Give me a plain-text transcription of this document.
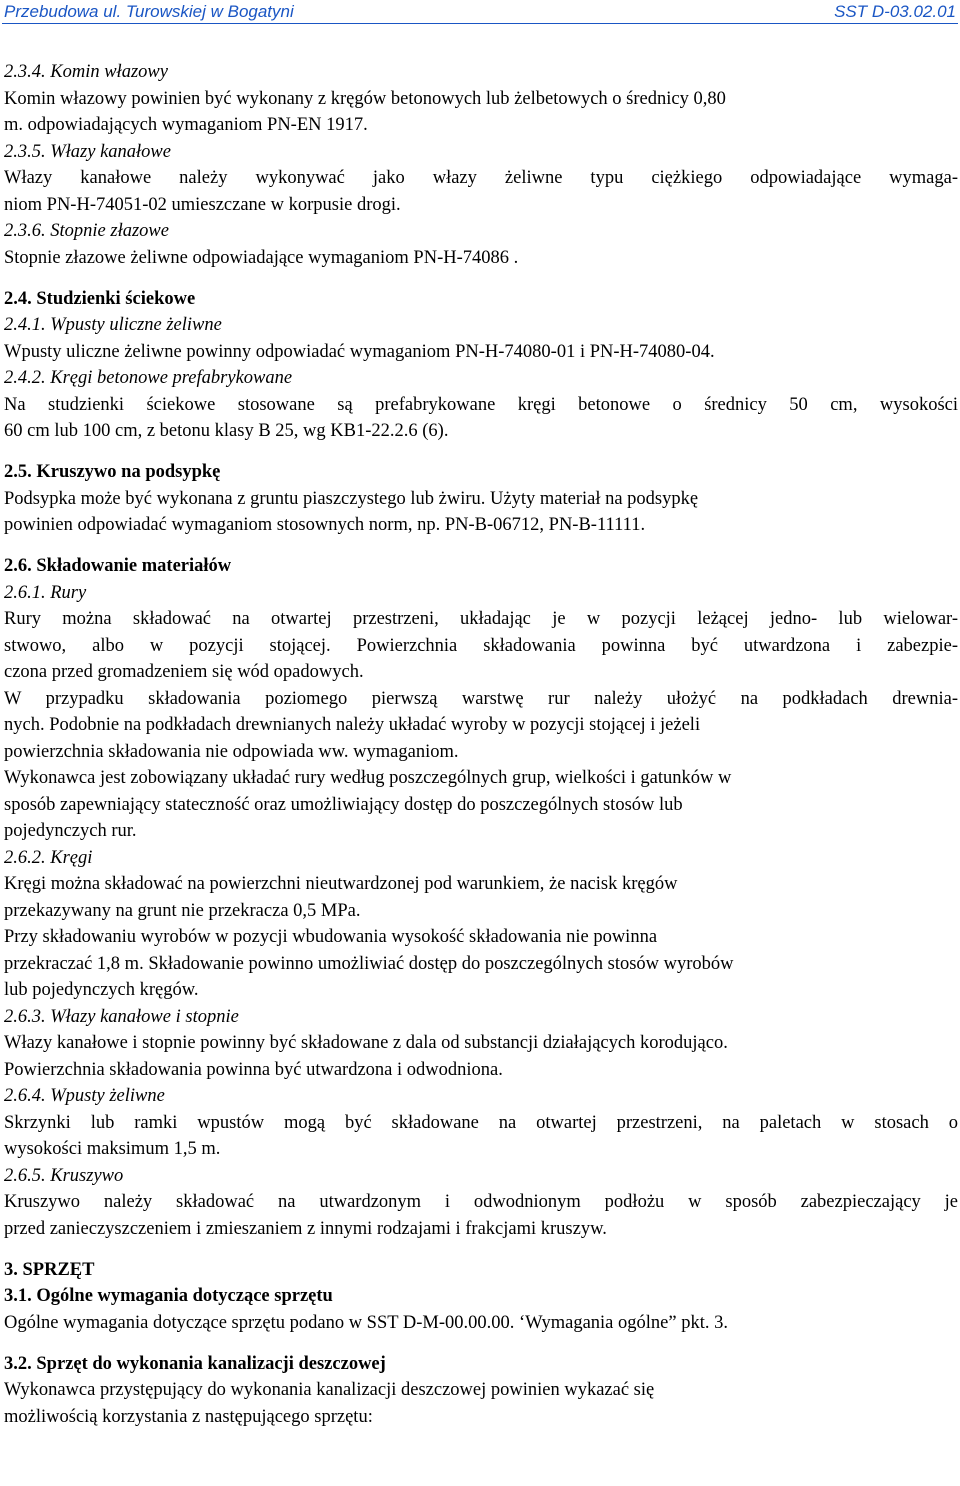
Przebudowa ul. Turowskiej w Bogatyni	SST D-03.02.01
2.3.4. Komin włazowy
Komin włazowy powinien być wykonany z kręgów betonowych lub żelbetowych o średnicy 0,80
m. odpowiadających wymaganiom PN-EN 1917.
2.3.5. Włazy kanałowe
Włazy kanałowe należy wykonywać jako włazy żeliwne typu ciężkiego odpowiadające wymaga-
niom PN-H-74051-02 umieszczane w korpusie drogi.
2.3.6. Stopnie złazowe
Stopnie złazowe żeliwne odpowiadające wymaganiom PN-H-74086 .
2.4. Studzienki ściekowe
2.4.1. Wpusty uliczne żeliwne
Wpusty uliczne żeliwne powinny odpowiadać wymaganiom PN-H-74080-01 i PN-H-74080-04.
2.4.2. Kręgi betonowe prefabrykowane
Na studzienki ściekowe stosowane są prefabrykowane kręgi betonowe o średnicy 50 cm, wysokości
60 cm lub 100 cm, z betonu klasy B 25, wg KB1-22.2.6 (6).
2.5. Kruszywo na podsypkę
Podsypka może być wykonana z gruntu piaszczystego lub żwiru. Użyty materiał na podsypkę
powinien odpowiadać wymaganiom stosownych norm, np. PN-B-06712, PN-B-11111.
2.6. Składowanie materiałów
2.6.1. Rury
Rury można składować na otwartej przestrzeni, układając je w pozycji leżącej jedno- lub wielowar-
stwowo, albo w pozycji stojącej. Powierzchnia składowania powinna być utwardzona i zabezpie-
czona przed gromadzeniem się wód opadowych.
W przypadku składowania poziomego pierwszą warstwę rur należy ułożyć na podkładach drewnia-
nych. Podobnie na podkładach drewnianych należy układać wyroby w pozycji stojącej i jeżeli
powierzchnia składowania nie odpowiada ww. wymaganiom.
Wykonawca jest zobowiązany układać rury według poszczególnych grup, wielkości i gatunków w
sposób zapewniający stateczność oraz umożliwiający dostęp do poszczególnych stosów lub
pojedynczych rur.
2.6.2. Kręgi
Kręgi można składować na powierzchni nieutwardzonej pod warunkiem, że nacisk kręgów
przekazywany na grunt nie przekracza 0,5 MPa.
Przy składowaniu wyrobów w pozycji wbudowania wysokość składowania nie powinna
przekraczać 1,8 m. Składowanie powinno umożliwiać dostęp do poszczególnych stosów wyrobów
lub pojedynczych kręgów.
2.6.3. Włazy kanałowe i stopnie
Włazy kanałowe i stopnie powinny być składowane z dala od substancji działających korodująco.
Powierzchnia składowania powinna być utwardzona i odwodniona.
2.6.4. Wpusty żeliwne
Skrzynki lub ramki wpustów mogą być składowane na otwartej przestrzeni, na paletach w stosach o
wysokości maksimum 1,5 m.
2.6.5. Kruszywo
Kruszywo należy składować na utwardzonym i odwodnionym podłożu w sposób zabezpieczający je
przed zanieczyszczeniem i zmieszaniem z innymi rodzajami i frakcjami kruszyw.
3. SPRZĘT
3.1. Ogólne wymagania dotyczące sprzętu
Ogólne wymagania dotyczące sprzętu podano w SST D-M-00.00.00. ‘Wymagania ogólne” pkt. 3.
3.2. Sprzęt do wykonania kanalizacji deszczowej
Wykonawca przystępujący do wykonania kanalizacji deszczowej powinien wykazać się
możliwością korzystania z następującego sprzętu:
